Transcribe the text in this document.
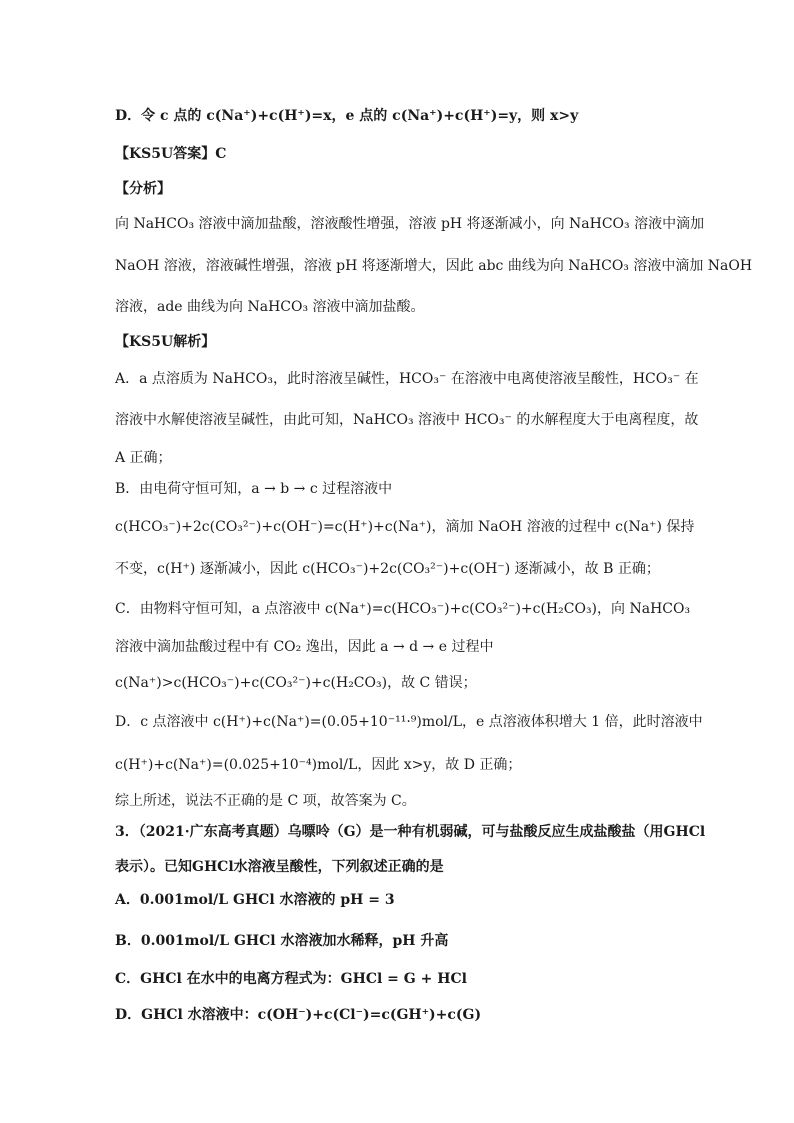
D．令 c 点的 c(Na⁺)+c(H⁺)=x，e 点的 c(Na⁺)+c(H⁺)=y，则 x>y
【KS5U答案】C
【分析】
向 NaHCO₃ 溶液中滴加盐酸，溶液酸性增强，溶液 pH 将逐渐减小，向 NaHCO₃ 溶液中滴加
NaOH 溶液，溶液碱性增强，溶液 pH 将逐渐增大，因此 abc 曲线为向 NaHCO₃ 溶液中滴加 NaOH
溶液，ade 曲线为向 NaHCO₃ 溶液中滴加盐酸。
【KS5U解析】
A．a 点溶质为 NaHCO₃，此时溶液呈碱性，HCO₃⁻ 在溶液中电离使溶液呈酸性，HCO₃⁻ 在
溶液中水解使溶液呈碱性，由此可知，NaHCO₃ 溶液中 HCO₃⁻ 的水解程度大于电离程度，故
A 正确；
B．由电荷守恒可知，a → b → c 过程溶液中
c(HCO₃⁻)+2c(CO₃²⁻)+c(OH⁻)=c(H⁺)+c(Na⁺)，滴加 NaOH 溶液的过程中 c(Na⁺) 保持
不变，c(H⁺) 逐渐减小，因此 c(HCO₃⁻)+2c(CO₃²⁻)+c(OH⁻) 逐渐减小，故 B 正确；
C．由物料守恒可知，a 点溶液中 c(Na⁺)=c(HCO₃⁻)+c(CO₃²⁻)+c(H₂CO₃)，向 NaHCO₃
溶液中滴加盐酸过程中有 CO₂ 逸出，因此 a → d → e 过程中
c(Na⁺)>c(HCO₃⁻)+c(CO₃²⁻)+c(H₂CO₃)，故 C 错误；
D．c 点溶液中 c(H⁺)+c(Na⁺)=(0.05+10⁻¹¹·⁹)mol/L，e 点溶液体积增大 1 倍，此时溶液中
c(H⁺)+c(Na⁺)=(0.025+10⁻⁴)mol/L，因此 x>y，故 D 正确；
综上所述，说法不正确的是 C 项，故答案为 C。
3．（2021·广东高考真题）乌嘌呤（G）是一种有机弱碱，可与盐酸反应生成盐酸盐（用GHCl
表示）。已知GHCl水溶液呈酸性，下列叙述正确的是
A．0.001mol/L GHCl 水溶液的 pH = 3
B．0.001mol/L GHCl 水溶液加水稀释，pH 升高
C．GHCl 在水中的电离方程式为：GHCl = G + HCl
D．GHCl 水溶液中：c(OH⁻)+c(Cl⁻)=c(GH⁺)+c(G)
